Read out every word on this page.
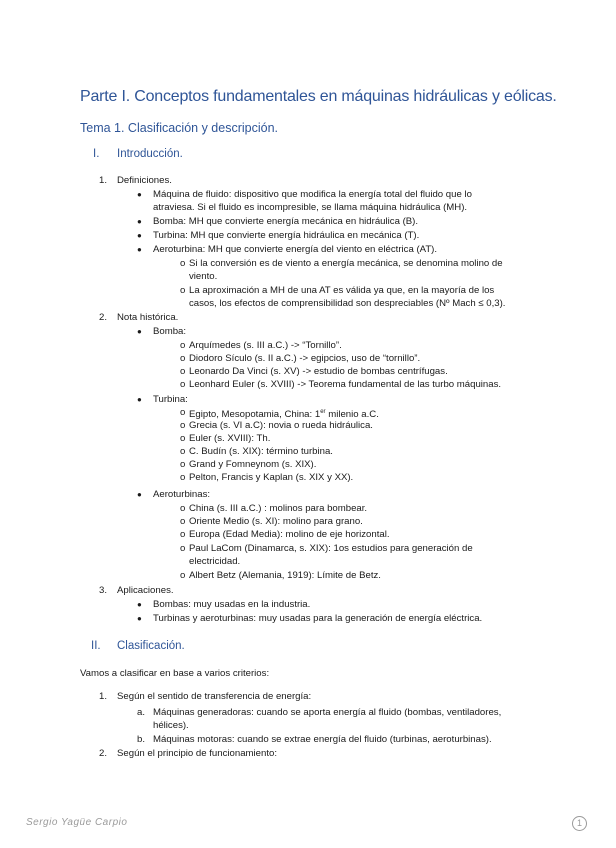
Parte I. Conceptos fundamentales en máquinas hidráulicas y eólicas.
Tema 1. Clasificación y descripción.
I. Introducción.
1. Definiciones.
● Máquina de fluido: dispositivo que modifica la energía total del fluido que lo
atraviesa. Si el fluido es incompresible, se llama máquina hidráulica (MH).
● Bomba: MH que convierte energía mecánica en hidráulica (B).
● Turbina: MH que convierte energía hidráulica en mecánica (T).
● Aeroturbina: MH que convierte energía del viento en eléctrica (AT).
o Si la conversión es de viento a energía mecánica, se denomina molino de
viento.
o La aproximación a MH de una AT es válida ya que, en la mayoría de los
casos, los efectos de comprensibilidad son despreciables (Nº Mach ≤ 0,3).
2. Nota histórica.
● Bomba:
o Arquímedes (s. III a.C.) -> “Tornillo”.
o Diodoro Sículo (s. II a.C.) -> egipcios, uso de “tornillo”.
o Leonardo Da Vinci (s. XV) -> estudio de bombas centrífugas.
o Leonhard Euler (s. XVIII) -> Teorema fundamental de las turbo máquinas.
● Turbina:
o Egipto, Mesopotamia, China: 1er milenio a.C.
o Grecia (s. VI a.C): novia o rueda hidráulica.
o Euler (s. XVIII): Th.
o C. Budín (s. XIX): término turbina.
o Grand y Fomneynom (s. XIX).
o Pelton, Francis y Kaplan (s. XIX y XX).
● Aeroturbinas:
o China (s. III a.C.) : molinos para bombear.
o Oriente Medio (s. XI): molino para grano.
o Europa (Edad Media): molino de eje horizontal.
o Paul LaCom (Dinamarca, s. XIX): 1os estudios para generación de
electricidad.
o Albert Betz (Alemania, 1919): Límite de Betz.
3. Aplicaciones.
● Bombas: muy usadas en la industria.
● Turbinas y aeroturbinas: muy usadas para la generación de energía eléctrica.
II. Clasificación.
Vamos a clasificar en base a varios criterios:
1. Según el sentido de transferencia de energía:
a. Máquinas generadoras: cuando se aporta energía al fluido (bombas, ventiladores,
hélices).
b. Máquinas motoras: cuando se extrae energía del fluido (turbinas, aeroturbinas).
2. Según el principio de funcionamiento:
Sergio Yagüe Carpio	1
